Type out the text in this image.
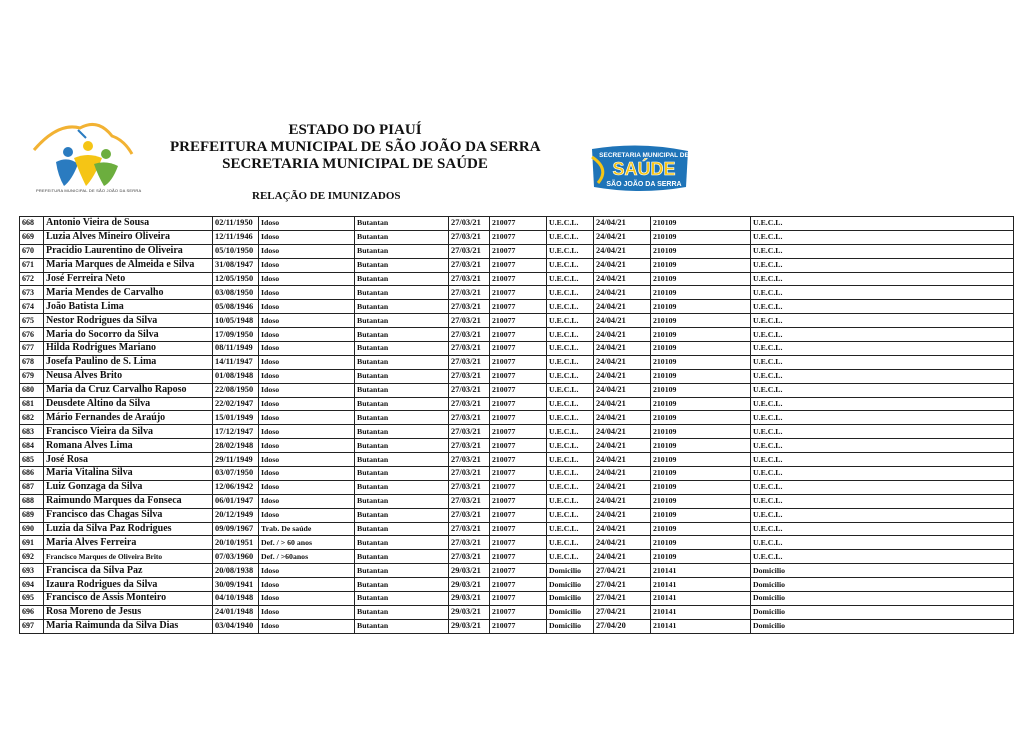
PREFEITURA MUNICIPAL DE SÃO JOÃO DA SERRA
ESTADO DO PIAUÍ
PREFEITURA MUNICIPAL DE SÃO JOÃO DA SERRA
SECRETARIA MUNICIPAL DE SAÚDE
RELAÇÃO DE IMUNIZADOS
SECRETARIA MUNICIPAL DE
SAÚDE
SÃO JOÃO DA SERRA
668	Antonio Vieira de Sousa	02/11/1950	Idoso	Butantan	27/03/21	210077	U.E.C.L.	24/04/21	210109	U.E.C.L.
669	Luzia Alves Mineiro Oliveira	12/11/1946	Idoso	Butantan	27/03/21	210077	U.E.C.L.	24/04/21	210109	U.E.C.L.
670	Pracidio Laurentino de Oliveira	05/10/1950	Idoso	Butantan	27/03/21	210077	U.E.C.L.	24/04/21	210109	U.E.C.L.
671	Maria Marques de Almeida e Silva	31/08/1947	Idoso	Butantan	27/03/21	210077	U.E.C.L.	24/04/21	210109	U.E.C.L.
672	José Ferreira Neto	12/05/1950	Idoso	Butantan	27/03/21	210077	U.E.C.L.	24/04/21	210109	U.E.C.L.
673	Maria Mendes de Carvalho	03/08/1950	Idoso	Butantan	27/03/21	210077	U.E.C.L.	24/04/21	210109	U.E.C.L.
674	João Batista Lima	05/08/1946	Idoso	Butantan	27/03/21	210077	U.E.C.L.	24/04/21	210109	U.E.C.L.
675	Nestor Rodrigues da Silva	10/05/1948	Idoso	Butantan	27/03/21	210077	U.E.C.L.	24/04/21	210109	U.E.C.L.
676	Maria do Socorro da Silva	17/09/1950	Idoso	Butantan	27/03/21	210077	U.E.C.L.	24/04/21	210109	U.E.C.L.
677	Hilda Rodrigues Mariano	08/11/1949	Idoso	Butantan	27/03/21	210077	U.E.C.L.	24/04/21	210109	U.E.C.L.
678	Josefa Paulino de S. Lima	14/11/1947	Idoso	Butantan	27/03/21	210077	U.E.C.L.	24/04/21	210109	U.E.C.L.
679	Neusa Alves Brito	01/08/1948	Idoso	Butantan	27/03/21	210077	U.E.C.L.	24/04/21	210109	U.E.C.L.
680	Maria da Cruz Carvalho Raposo	22/08/1950	Idoso	Butantan	27/03/21	210077	U.E.C.L.	24/04/21	210109	U.E.C.L.
681	Deusdete Altino da Silva	22/02/1947	Idoso	Butantan	27/03/21	210077	U.E.C.L.	24/04/21	210109	U.E.C.L.
682	Mário Fernandes de Araújo	15/01/1949	Idoso	Butantan	27/03/21	210077	U.E.C.L.	24/04/21	210109	U.E.C.L.
683	Francisco Vieira da Silva	17/12/1947	Idoso	Butantan	27/03/21	210077	U.E.C.L.	24/04/21	210109	U.E.C.L.
684	Romana Alves Lima	28/02/1948	Idoso	Butantan	27/03/21	210077	U.E.C.L.	24/04/21	210109	U.E.C.L.
685	José Rosa	29/11/1949	Idoso	Butantan	27/03/21	210077	U.E.C.L.	24/04/21	210109	U.E.C.L.
686	Maria Vitalina Silva	03/07/1950	Idoso	Butantan	27/03/21	210077	U.E.C.L.	24/04/21	210109	U.E.C.L.
687	Luiz Gonzaga da Silva	12/06/1942	Idoso	Butantan	27/03/21	210077	U.E.C.L.	24/04/21	210109	U.E.C.L.
688	Raimundo Marques da Fonseca	06/01/1947	Idoso	Butantan	27/03/21	210077	U.E.C.L.	24/04/21	210109	U.E.C.L.
689	Francisco das Chagas Silva	20/12/1949	Idoso	Butantan	27/03/21	210077	U.E.C.L.	24/04/21	210109	U.E.C.L.
690	Luzia da Silva Paz Rodrigues	09/09/1967	Trab. De saúde	Butantan	27/03/21	210077	U.E.C.L.	24/04/21	210109	U.E.C.L.
691	Maria Alves Ferreira	20/10/1951	Def. / > 60 anos	Butantan	27/03/21	210077	U.E.C.L.	24/04/21	210109	U.E.C.L.
692	Francisco Marques de Oliveira Brito	07/03/1960	Def. / >60anos	Butantan	27/03/21	210077	U.E.C.L.	24/04/21	210109	U.E.C.L.
693	Francisca da Silva Paz	20/08/1938	Idoso	Butantan	29/03/21	210077	Domicilio	27/04/21	210141	Domicilio
694	Izaura Rodrigues da Silva	30/09/1941	Idoso	Butantan	29/03/21	210077	Domicilio	27/04/21	210141	Domicilio
695	Francisco de Assis Monteiro	04/10/1948	Idoso	Butantan	29/03/21	210077	Domicilio	27/04/21	210141	Domicilio
696	Rosa Moreno de Jesus	24/01/1948	Idoso	Butantan	29/03/21	210077	Domicilio	27/04/21	210141	Domicilio
697	Maria Raimunda da Silva Dias	03/04/1940	Idoso	Butantan	29/03/21	210077	Domicilio	27/04/20	210141	Domicilio
